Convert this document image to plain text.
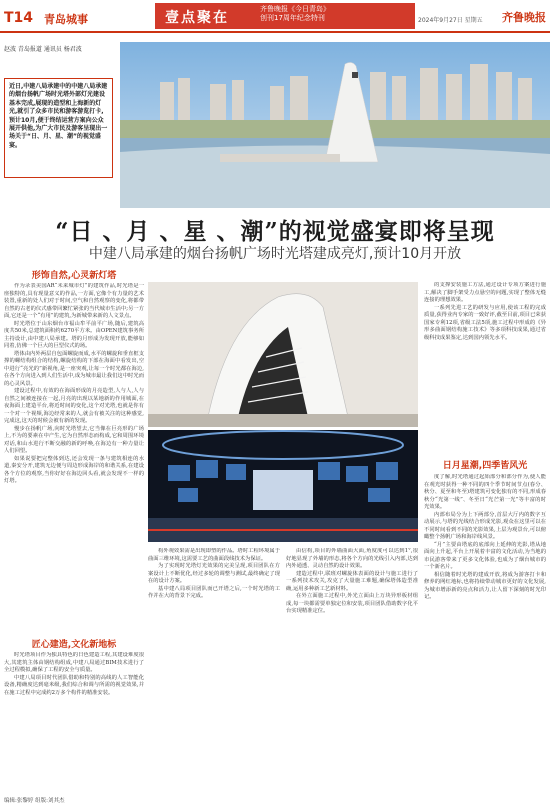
T14 青岛城事	壹点聚在
齐鲁晚报《今日青岛》
创刊17周年纪念特刊	2024年9月27日 星期五 齐鲁晚报
赵波 青岛报道 通讯员 杨君波
近日,中建八局承建中的中建八局承建的烟台扬帆广场时光塔外部灯光建设基本完成,展现的造型和上海新的灯光,就引了众多市民和游客游览打卡,预计10月,便于终结运营方案向公众展开供他,为广大市民及游客呈现出一场关于“日、月、星、潮”的视觉盛宴。
“日 、月 、星 、潮”的视觉盛宴即将呈现
中建八局承建的烟台扬帆广场时光塔建成亮灯,预计10月开放
形饰自然,心灵新灯塔

作为录表美国AR“未来城市灯”的建筑作品,时光塔是一座独特的,具有现量意义的作品,一方面,它像个有力量的艺术装置,重新的处人们对于时间,空气和自然观察的变化,将都带自然的古老的仪式感带回繁忙紧张的当代城市生活中;另一方面,它还是一个“有用”的建筑,为新城带来新的人文景点。

时光塔位于山东烟台市福山牟平前平广场,随后,建筑高度共50米,总建筑面积约6270平方米。由OPEN建筑事务所主持设计,由中建八局承建。塔的月形成为发现开放,能够如同着,仿佛一个巨大的巨型仪式的场。

塔体由内外两层自包面螺旋而成,水平的螺旋和垂直框支撑的螺结构组合的结构,螺旋结构的下部在海面中看发出,空中进行“亮光的”新视角,是一座突观,让每一个时光都在海边,在各个方向进入到人们生活中,成为城市最让我们这中时光而的心灵风景。

建设过程中,有效的在海面形成的月亮造型,人与人,人与自然之间被连接在一起,月亮的出现以某地新的作用城面,在夜海面上建造平台,将近时间的变化,这个对光塔,也就是你有一个对一个视频,海边经常来的人,就会有被关注的这种感觉,完成这,这天的时候会被有新的发现。

慢步在扬帆广场,向时光塔望去,它当像在巨亮形的广场上,不为的要素在中产生,它为自然形态而构成,它和周围环境对话,和山水进行不断交融的新的呼唤,在海边有一种力量让人们回望。

如果说要把完整体到达,还会发现一条与建筑相连的水道,秦安分开,建筑无边便与周边形成海岸的和谐关系,在建设各个方位的观察,当你好好在海边回头看,就会发现不一样的灯塔。

匠心建造,文化新地标

时光塔项目作为独具特色的日色建造工程,其建设难度很大,其建筑主体由钢结构组成,中建八局通过BIM技术进行了全过程模拟,确保了工程的安全与质量。

中建八局项目时代团队借助和特别的高线的人工智能化设备,精确度达到毫米级,我们综合和调与所需的视觉效果,并在施工过程中完成约2万多个构件的精准安装。

构外观效果需是出现即塑的作品。塔时工程环境属于曲面三维环境,这需要工艺的曲面段线技术为保证。

为了实现时光塔灯光效果的完美呈现,项目团队在方案设计上不断优化,经过多轮的调整与测试,最终确定了现在的设计方案。

基中建八局项目团队而已开塔之后,一个时光塔的工作并在大的背景下完成。

由信构,项目的外墙曲面大面,角度度可以达到1°,很好地显现了外墙的形态,将各个方向的光线引入内部,达到内外通透、灵动自然的设计效果。

建造过程中,联班对螺旋体表面的设计与施工进行了一系列技术攻关,攻克了大量施工难题,确保塔体造型准确,运用多种新工艺新材料。

在外立面施工过程中,外光立面由上万块异形板材组成,每一块都需要单独定位和安装,项目团队借助数字化平台实现精准定位。

的支撑安装施工方法,通过设计专项方案进行施工,解决了脚手架受力点悬空的问题,实现了整体无缝连接的理想效果。

一系列先进工艺的研发与应用,使该工程的完成质量,获得业内专家的一致好评,截至目前,项目已荣获国家专利12项,省级工法5项,施工过程中形成的《异形多曲面钢结构施工技术》等多项科技成果,通过省级科技成果鉴定,达到国内领先水平。

日月星潮,四季皆风光

度了解,时光塔通过起始部分和部分作为,使人能在观光时获得一种不同的四个季节时间节点(春分、秋分、夏至和冬至)塔建筑可变化独有的不同,形成春秋分“光第一线”、冬至日“光芒第一光”等丰富的时光效果。

内部布局分为上下两部分,首层大厅内的数字互动展示,与塔的光线结合形成光影,观众在这里可以在不同时间看到不同的光影效果,上层为观景台,可以俯瞰整个扬帆广场和海岸线风景。

“月”主要由塔底的底部向上延伸的光影,塔从地面向上升起,平台上开展着丰富的文化活动,为当地的市民游客带来了更多文化体验,也成为了烟台城市的一个新名片。

相信随着时光塔的建成开放,将成为游客打卡和修养的网红地标,也将持续带动城市更好的文化发展,为城市增添新的亮点和活力,让人留下深刻的时光印记。

编辑:张黎婷 组版:刘其杰
